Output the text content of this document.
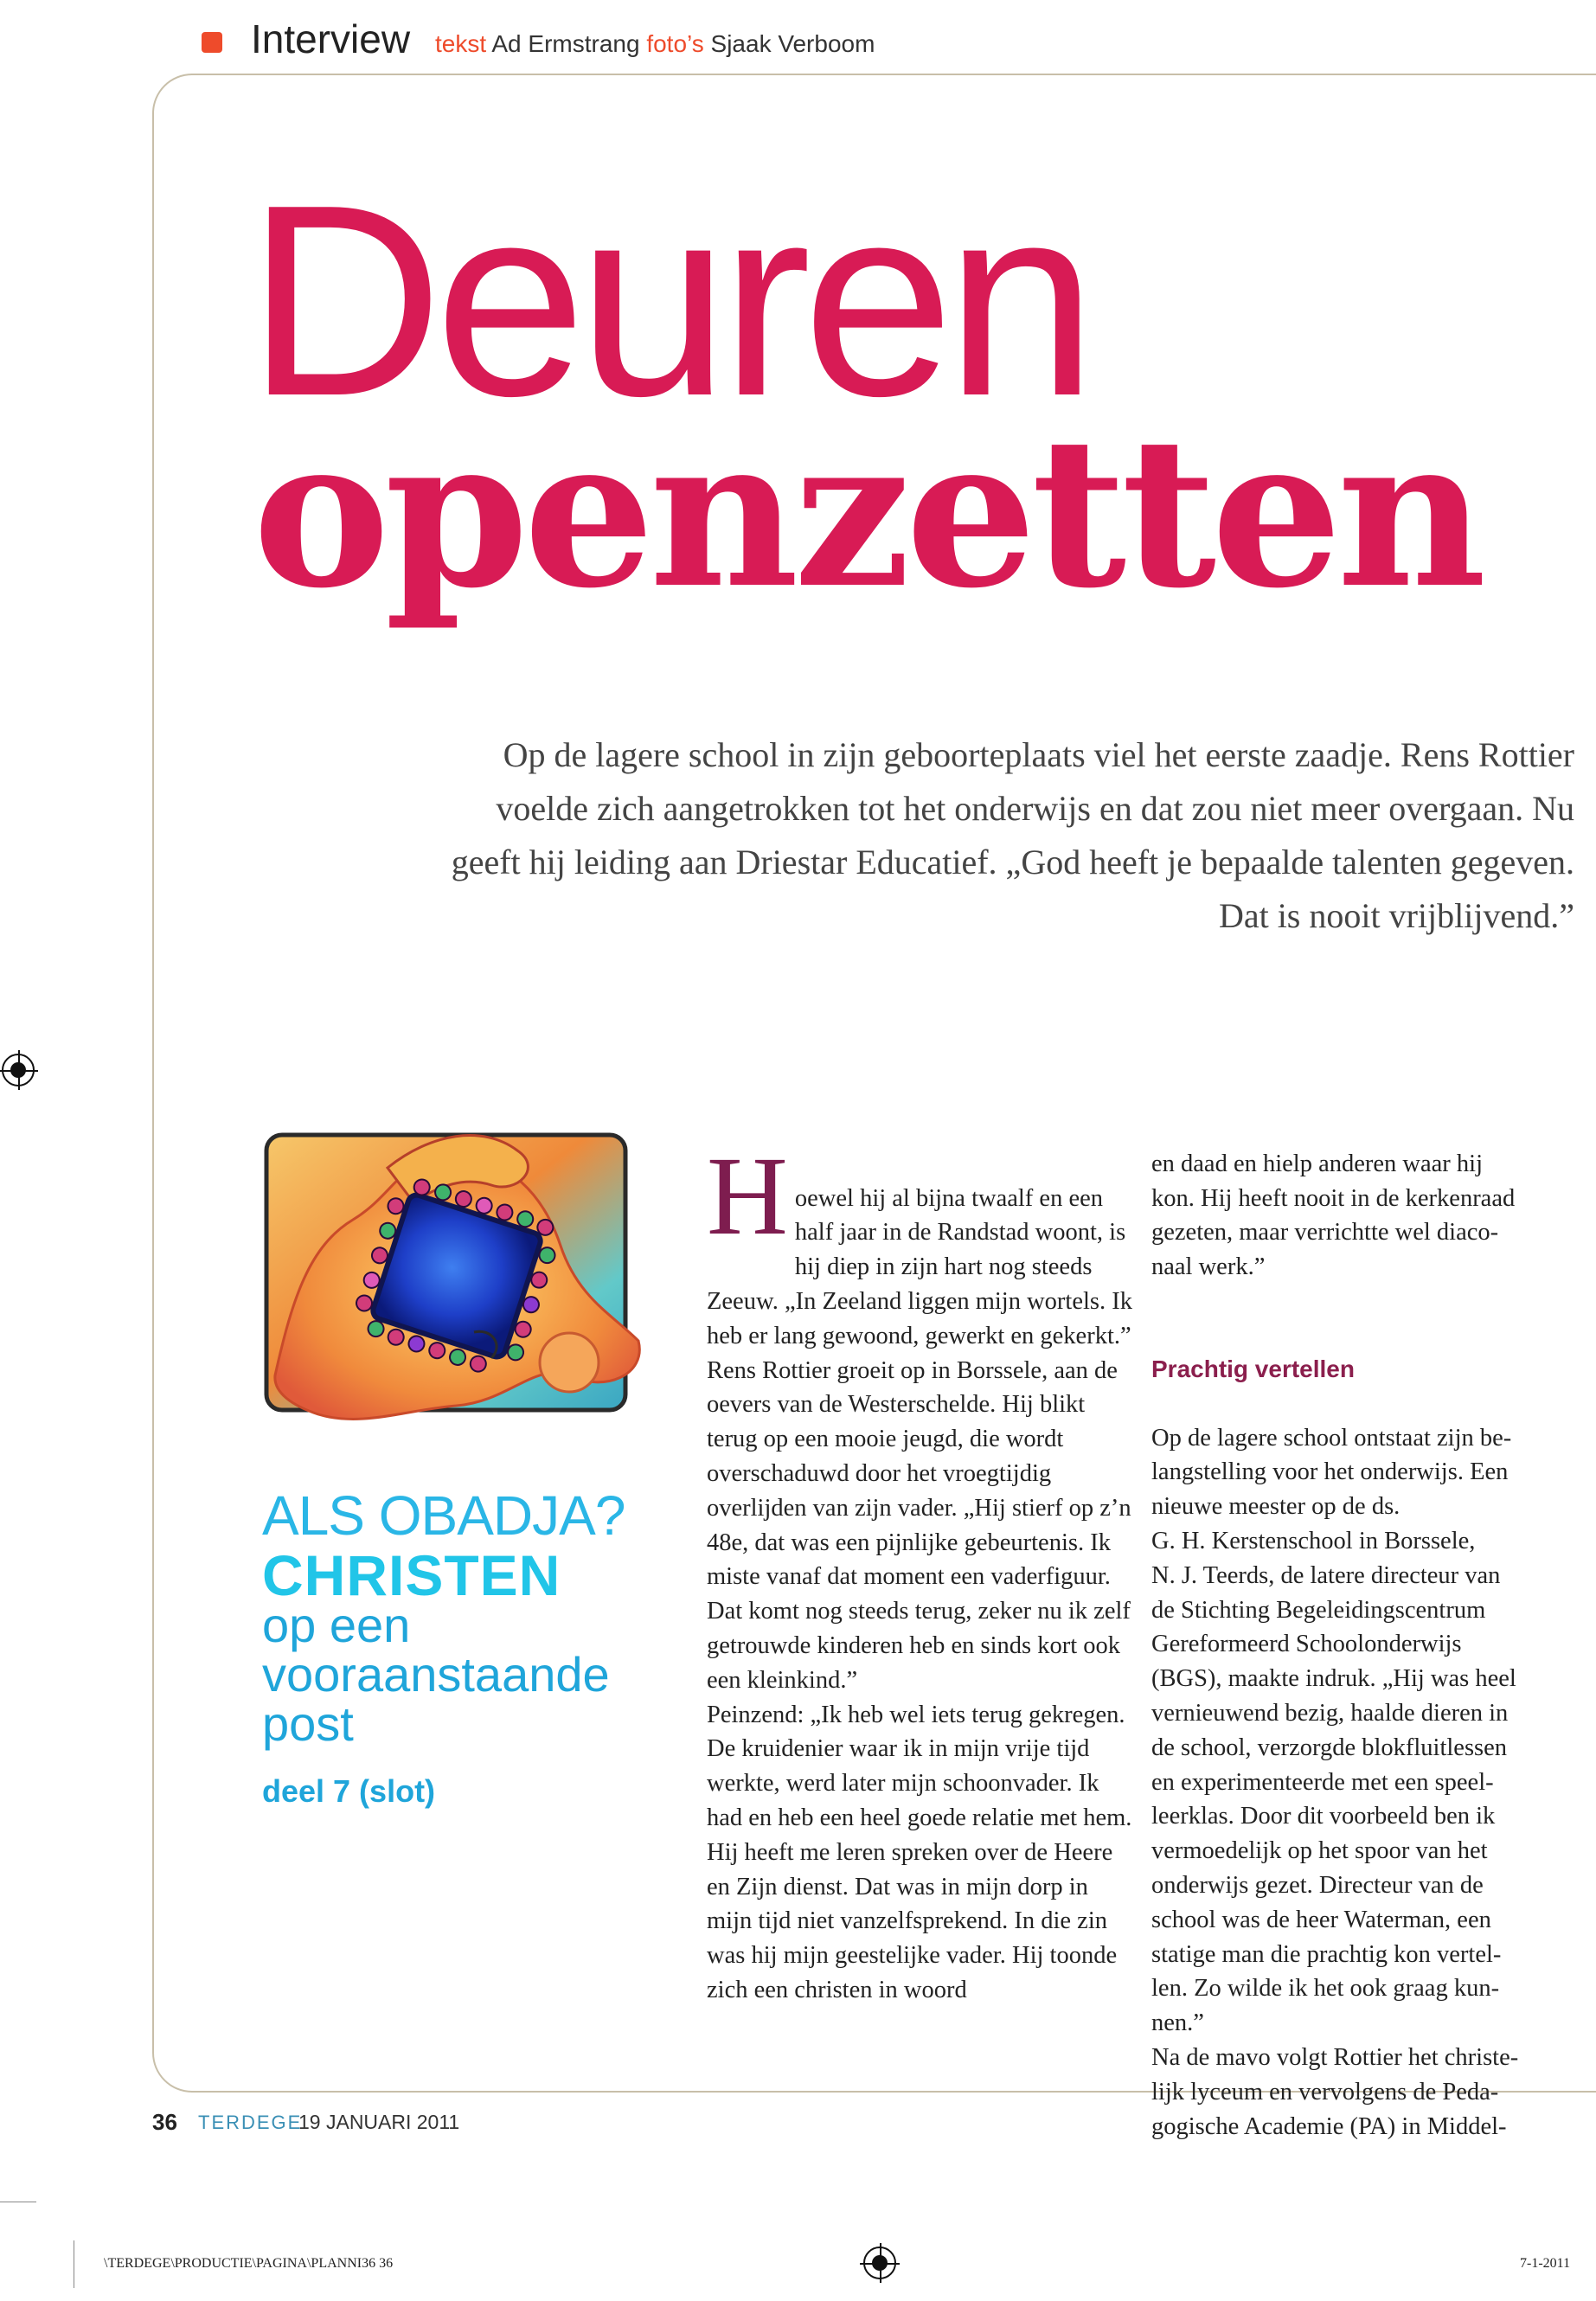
Interview tekst Ad Ermstrang foto’s Sjaak Verboom
Deuren
openzetten
Op de lagere school in zijn geboorteplaats viel het eerste zaadje. Rens Rottier voelde zich aangetrokken tot het onderwijs en dat zou niet meer overgaan. Nu geeft hij leiding aan Driestar Educatief. „God heeft je bepaalde talenten gegeven. Dat is nooit vrijblijvend.”
ALS OBADJA?
CHRISTEN
op een vooraanstaande post
deel 7 (slot)

H oewel hij al bijna twaalf en een half jaar in de Randstad woont, is hij diep in zijn hart nog steeds Zeeuw. „In Zeeland liggen mijn wortels. Ik heb er lang gewoond, gewerkt en gekerkt.”
Rens Rottier groeit op in Borssele, aan de oevers van de Westerschelde. Hij blikt terug op een mooie jeugd, die wordt overschaduwd door het vroegtijdig overlijden van zijn vader. „Hij stierf op z’n 48e, dat was een pijnlijke gebeurtenis. Ik miste vanaf dat moment een vaderfiguur. Dat komt nog steeds terug, zeker nu ik zelf getrouwde kinderen heb en sinds kort ook een kleinkind.”
Peinzend: „Ik heb wel iets terug gekregen. De kruidenier waar ik in mijn vrije tijd werkte, werd later mijn schoonvader. Ik had en heb een heel goede relatie met hem. Hij heeft me leren spreken over de Heere en Zijn dienst. Dat was in mijn dorp in mijn tijd niet vanzelfsprekend. In die zin was hij mijn geestelijke vader. Hij toonde zich een christen in woord

en daad en hielp anderen waar hij
kon. Hij heeft nooit in de kerkenraad
gezeten, maar verrichtte wel diaco-
naal werk.”

Prachtig vertellen

Op de lagere school ontstaat zijn be-
langstelling voor het onderwijs. Een
nieuwe meester op de ds.
G. H. Kerstenschool in Borssele,
N. J. Teerds, de latere directeur van
de Stichting Begeleidingscentrum
Gereformeerd Schoolonderwijs
(BGS), maakte indruk. „Hij was heel
vernieuwend bezig, haalde dieren in
de school, verzorgde blokfluitlessen
en experimenteerde met een speel-
leerklas. Door dit voorbeeld ben ik
vermoedelijk op het spoor van het
onderwijs gezet. Directeur van de
school was de heer Waterman, een
statige man die prachtig kon vertel-
len. Zo wilde ik het ook graag kun-
nen.”
Na de mavo volgt Rottier het christe-
lijk lyceum en vervolgens de Peda-
gogische Academie (PA) in Middel-

36 TERDEGE
19 JANUARI 2011
\TERDEGE\PRODUCTIE\PAGINA\PLANNI36 36	7-1-2011
